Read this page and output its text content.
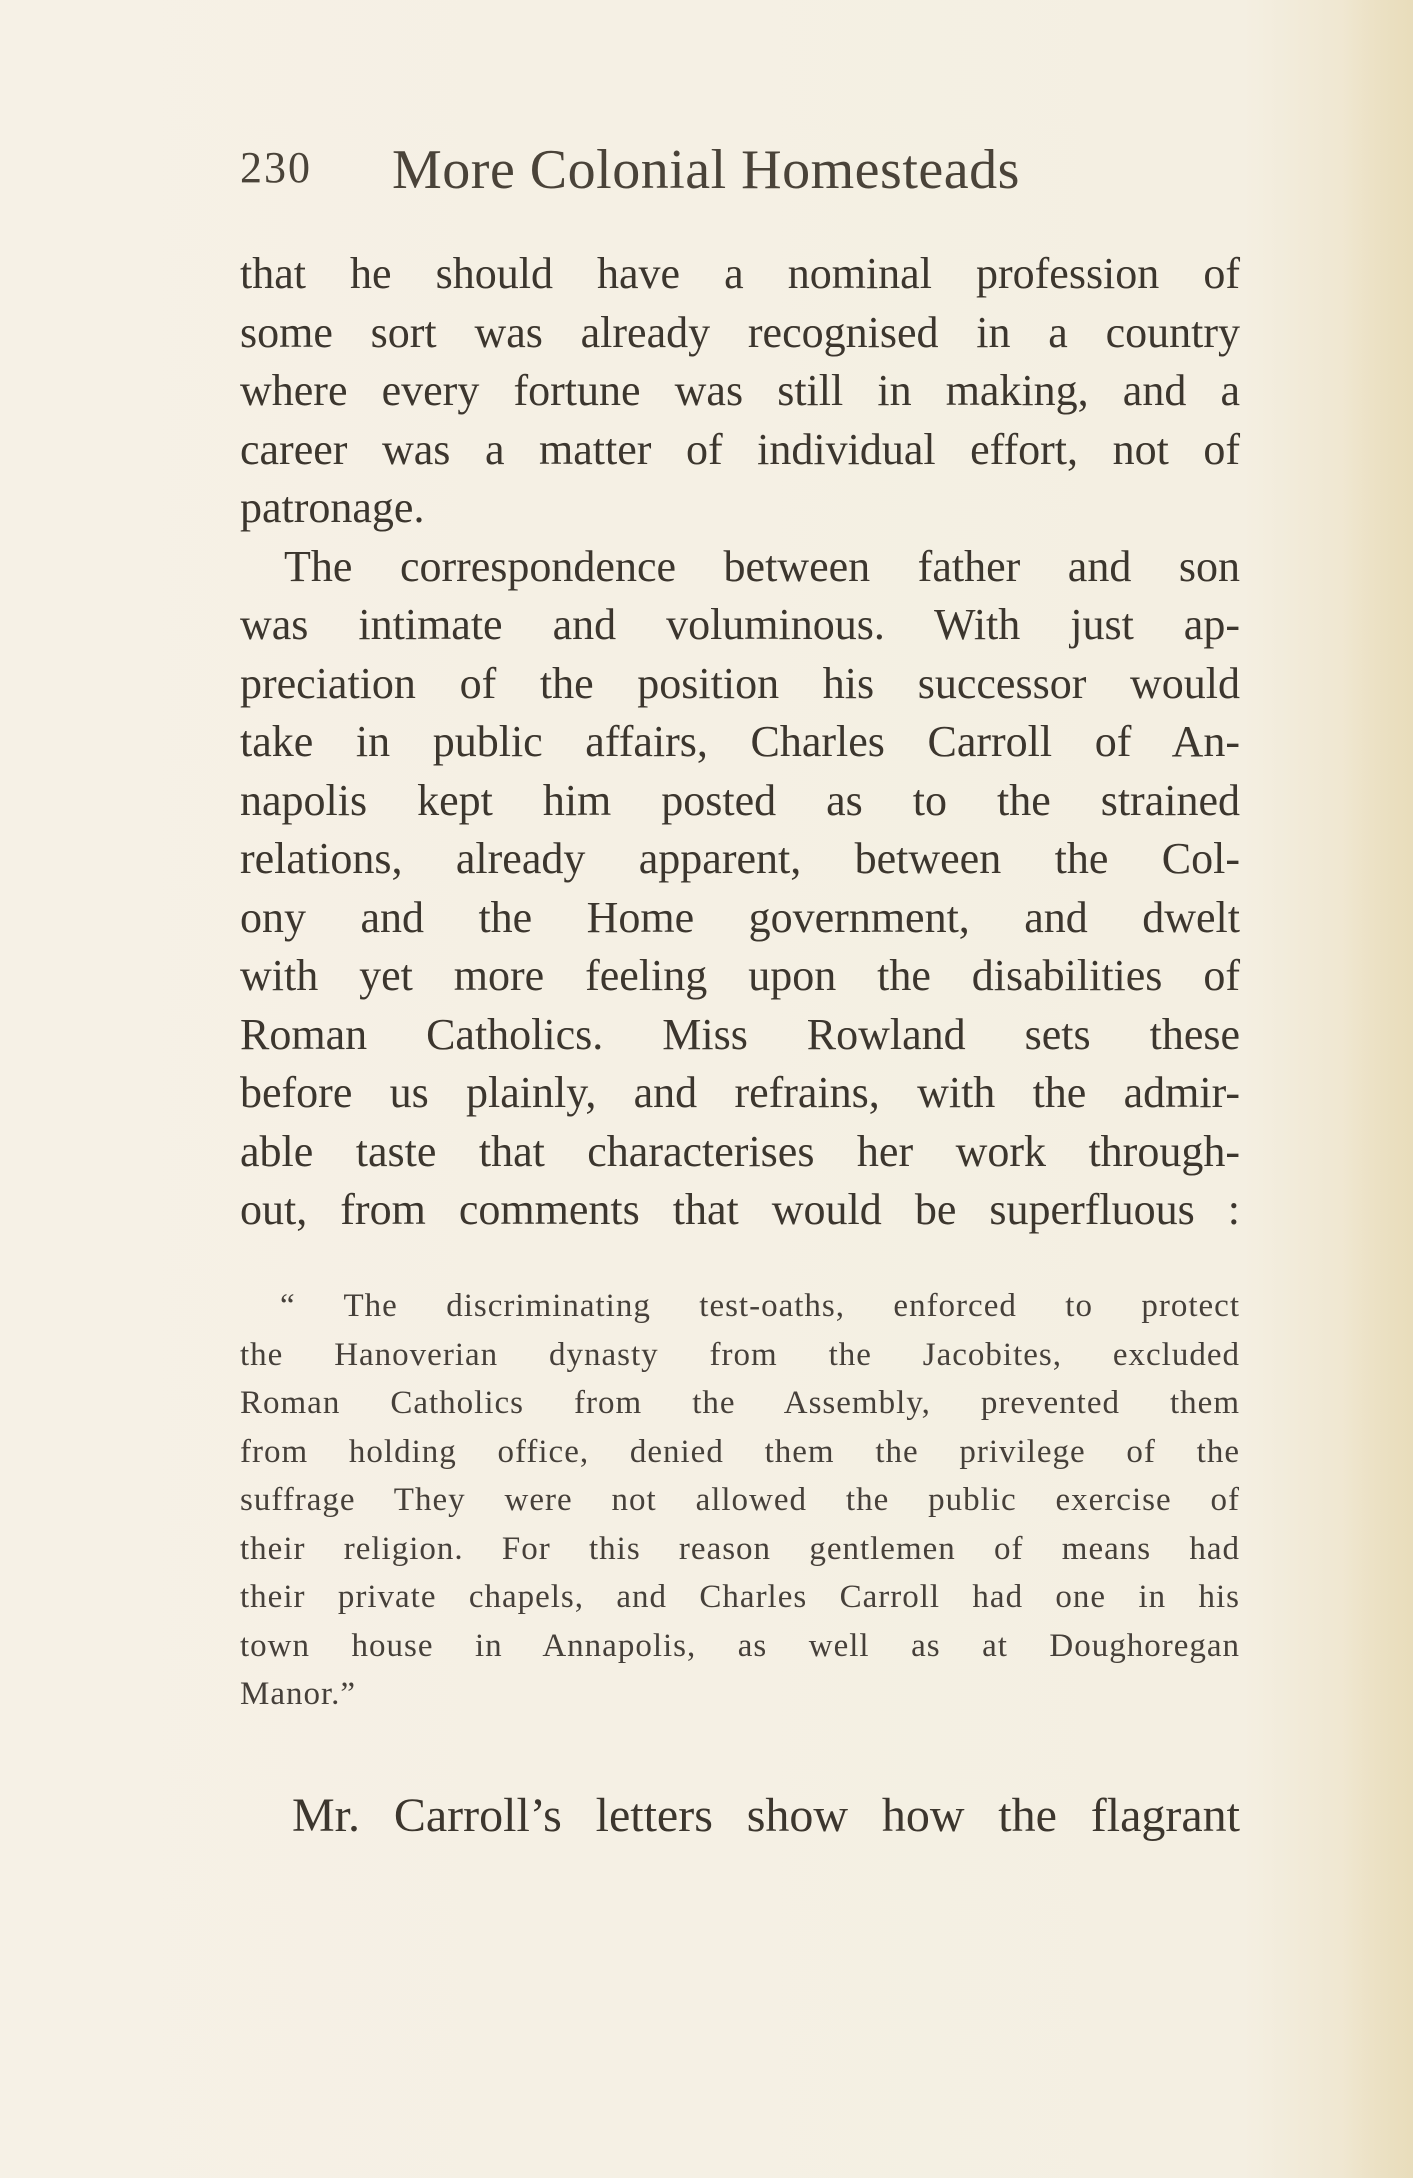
230 More Colonial Homesteads
that he should have a nominal profession of
some sort was already recognised in a country
where every fortune was still in making, and a
career was a matter of individual effort, not of
patronage.
The correspondence between father and son
was intimate and voluminous. With just ap-
preciation of the position his successor would
take in public affairs, Charles Carroll of An-
napolis kept him posted as to the strained
relations, already apparent, between the Col-
ony and the Home government, and dwelt
with yet more feeling upon the disabilities of
Roman Catholics. Miss Rowland sets these
before us plainly, and refrains, with the admir-
able taste that characterises her work through-
out, from comments that would be superfluous :
“ The discriminating test-oaths, enforced to protect
the Hanoverian dynasty from the Jacobites, excluded
Roman Catholics from the Assembly, prevented them
from holding office, denied them the privilege of the
suffrage They were not allowed the public exercise of
their religion. For this reason gentlemen of means had
their private chapels, and Charles Carroll had one in his
town house in Annapolis, as well as at Doughoregan
Manor.”
Mr. Carroll’s letters show how the flagrant
